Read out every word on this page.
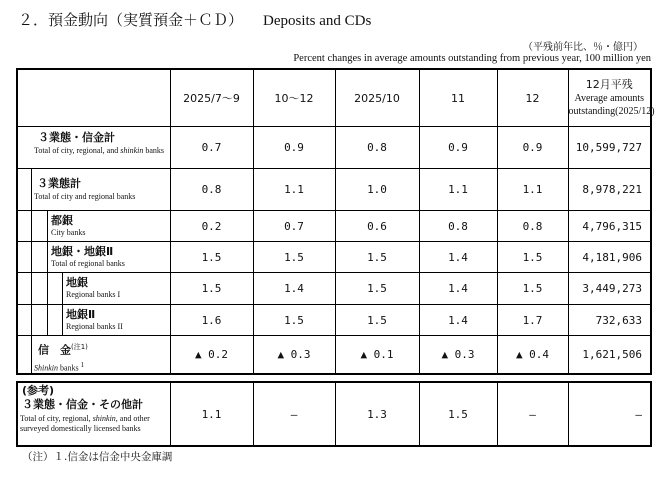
２．預金動向（実質預金＋ＣＤ） Deposits and CDs
（平残前年比、％・億円）
Percent changes in average amounts outstanding from previous year, 100 million yen
	2025/7～9	10～12	2025/10	11	12	12月平残
Average amounts
outstanding(2025/12)

３業態・信金計
Total of city, regional, and shinkin banks	0.7	0.9	0.8	0.9	0.9	10,599,727

３業態計
Total of city and regional banks	0.8	1.1	1.0	1.1	1.1	8,978,221

都銀
City banks	0.2	0.7	0.6	0.8	0.8	4,796,315

地銀・地銀Ⅱ
Total of regional banks	1.5	1.5	1.5	1.4	1.5	4,181,906

地銀
Regional banks I	1.5	1.4	1.5	1.4	1.5	3,449,273

地銀Ⅱ
Regional banks II	1.6	1.5	1.5	1.4	1.7	732,633

信　金$^{(注1)}$
Shinkin banks 1	▲ 0.2	▲ 0.3	▲ 0.1	▲ 0.3	▲ 0.4	1,621,506
(参考)
３業態・信金・その他計
Total of city, regional, shinkin, and other surveyed domestically licensed banks
	1.1	—	1.3	1.5	—	—
（注）１.信金は信金中央金庫調
